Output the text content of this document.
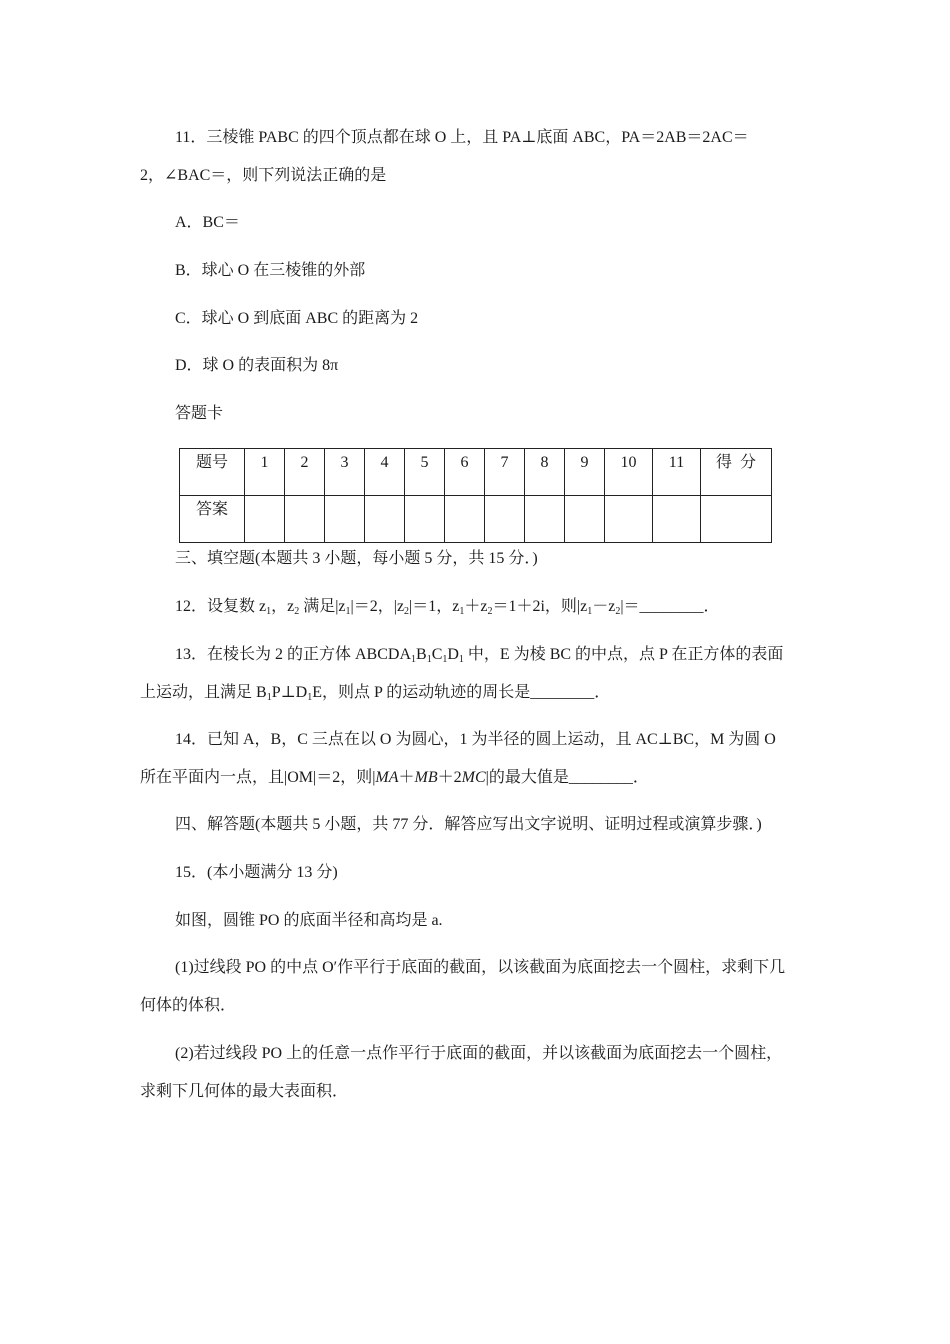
11．三棱锥 PABC 的四个顶点都在球 O 上，且 PA⊥底面 ABC，PA＝2AB＝2AC＝
2，∠BAC＝，则下列说法正确的是
A．BC＝
B．球心 O 在三棱锥的外部
C．球心 O 到底面 ABC 的距离为 2
D．球 O 的表面积为 8π
答题卡
题号	1	2	3	4	5	6	7	8	9	10	11	得  分

答案												

三、填空题(本题共 3 小题，每小题 5 分，共 15 分．)
12．设复数 $z_1$，$z_2$ 满足$|z_1|=2$，$|z_2|=1$，$z_1+z_2=1+2i$，则$|z_1-z_2|=\_\_\_\_\_\_\_\_$．
13．在棱长为 2 的正方体 $ABCDA_1B_1C_1D_1$ 中，E 为棱 BC 的中点，点 P 在正方体的表面
上运动，且满足 $B_1P\perp D_1E$，则点 P 的运动轨迹的周长是________．
14．已知 A，B，C 三点在以 O 为圆心，1 为半径的圆上运动，且 AC⊥BC，M 为圆 O
所在平面内一点，且|OM|＝2，则|MA＋MB＋2MC|的最大值是________．
四、解答题(本题共 5 小题，共 77 分．解答应写出文字说明、证明过程或演算步骤．)
15．(本小题满分 13 分)
如图，圆锥 PO 的底面半径和高均是 a.
(1)过线段 PO 的中点 O′作平行于底面的截面，以该截面为底面挖去一个圆柱，求剩下几
何体的体积．
(2)若过线段 PO 上的任意一点作平行于底面的截面，并以该截面为底面挖去一个圆柱，
求剩下几何体的最大表面积．
